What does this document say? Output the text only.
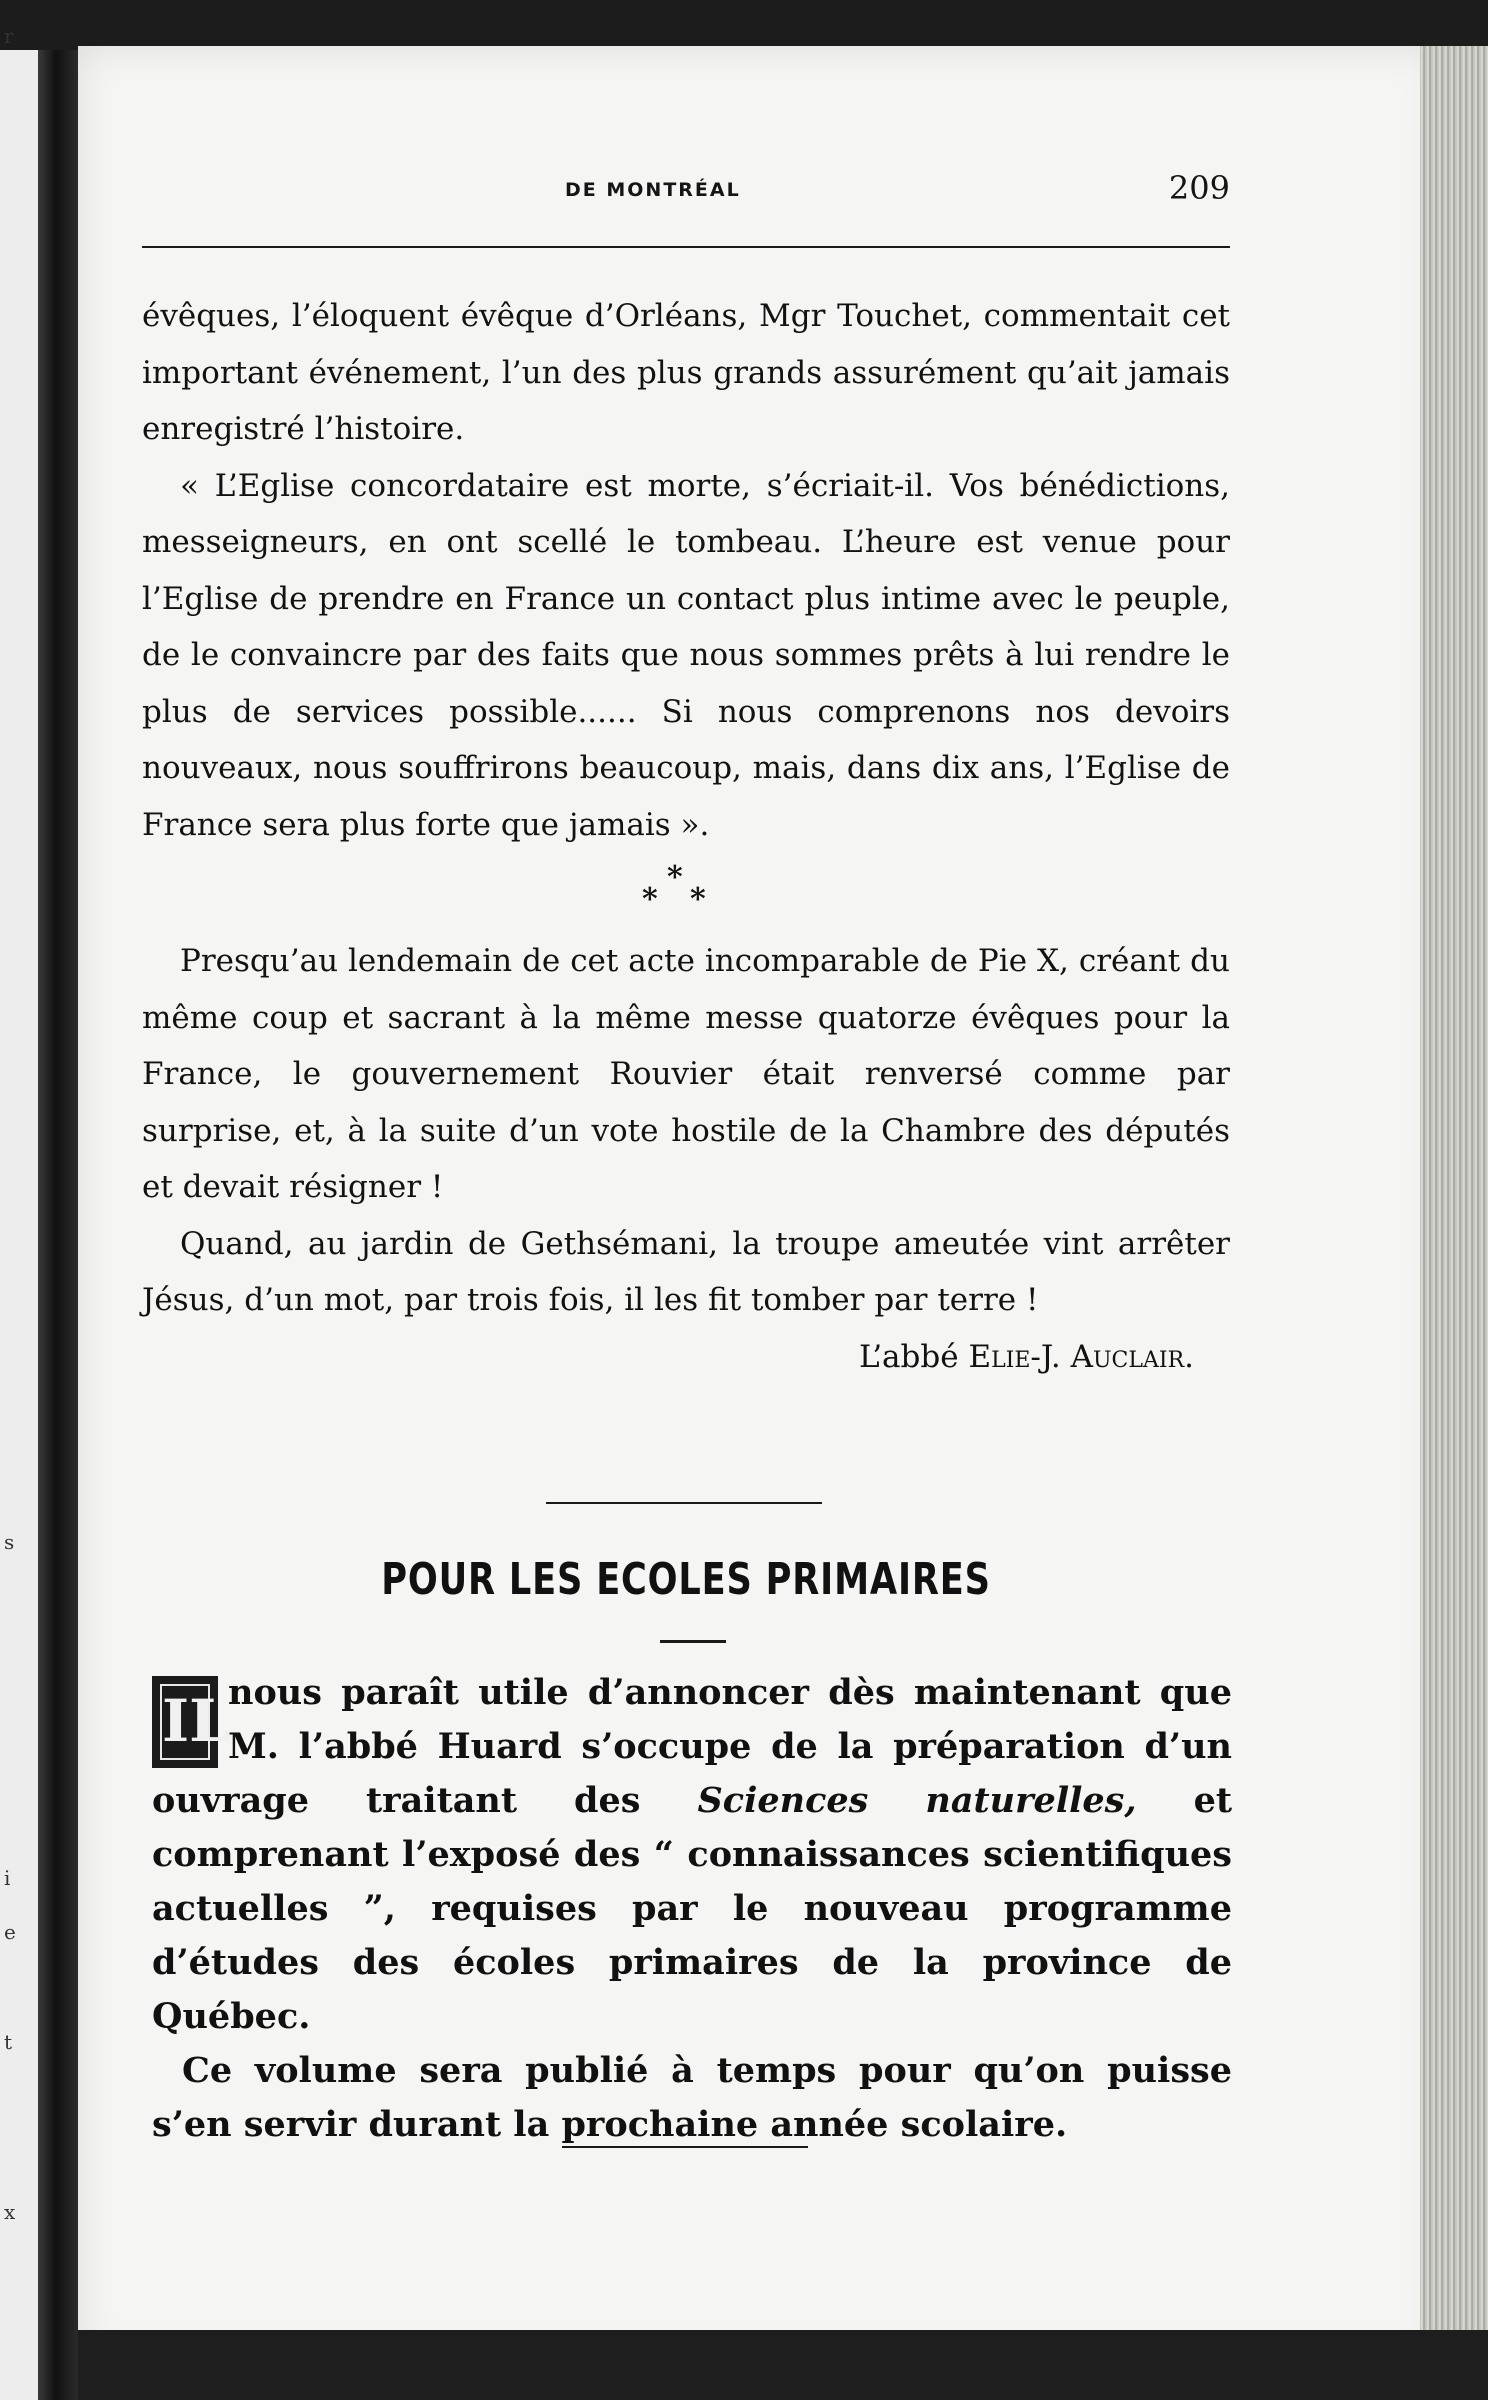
r
s
i
e
t
x
DE MONTRÉAL	209

évêques, l’éloquent évêque d’Orléans, Mgr Touchet, commentait cet important événement, l’un des plus grands assurément qu’ait jamais enregistré l’histoire.

« L’Eglise concordataire est morte, s’écriait-il. Vos bénédictions, messeigneurs, en ont scellé le tombeau. L’heure est venue pour l’Eglise de prendre en France un contact plus intime avec le peuple, de le convaincre par des faits que nous sommes prêts à lui rendre le plus de services possible...... Si nous comprenons nos devoirs nouveaux, nous souffrirons beaucoup, mais, dans dix ans, l’Eglise de France sera plus forte que jamais ».

*
* *

Presqu’au lendemain de cet acte incomparable de Pie X, créant du même coup et sacrant à la même messe quatorze évêques pour la France, le gouvernement Rouvier était renversé comme par surprise, et, à la suite d’un vote hostile de la Chambre des députés et devait résigner !

Quand, au jardin de Gethsémani, la troupe ameutée vint arrêter Jésus, d’un mot, par trois fois, il les fit tomber par terre !

L’abbé Elie-J. Auclair.

POUR LES ECOLES PRIMAIRES

IL
nous paraît utile d’annoncer dès maintenant que M. l’abbé Huard s’occupe de la préparation d’un ouvrage traitant des Sciences naturelles, et comprenant l’exposé des “ connaissances scientifiques actuelles ”, requises par le nouveau programme d’études des écoles primaires de la province de Québec.

Ce volume sera publié à temps pour qu’on puisse s’en servir durant la prochaine année scolaire.
